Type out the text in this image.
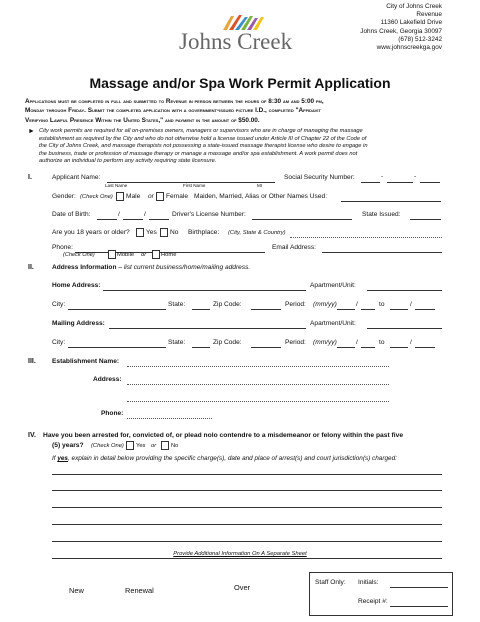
City of Johns Creek
Revenue
11360 Lakefield Drive
Johns Creek, Georgia 30097
(678) 512-3242
www.johnscreekga.gov
Johns Creek
Massage and/or Spa Work Permit Application
Applications must be completed in full and submitted to Revenue in person between the hours of 8:30 am and 5:00 pm,
Monday through Friday. Submit the completed application with a government-issued picture I.D., completed "Affidavit
Verifying Lawful Presence Within the United States," and payment in the amount of $50.00.
► City work permits are required for all on-premises owners, managers or supervisors who are in charge of managing the massage
establishment as required by the City and who do not otherwise hold a license issued under Article III of Chapter 22 of the Code of
the City of Johns Creek, and massage therapists not possessing a state-issued massage therapist license who desire to engage in
the business, trade or profession of massage therapy or manage a massage and/or spa establishment. A work permit does not
authorize an individual to perform any activity requiring state licensure.
I.	Applicant Name:
Last Name	First Name	MI
Social Security Number:	-	-
Gender: (Check One) Male or Female Maiden, Married, Alias or Other Names Used:
Date of Birth:	/	/	Driver's License Number:	State Issued:
Are you 18 years or older? Yes No Birthplace: (City, State & Country)
Phone:	Email Address:
(Check One)	Mobile or	Home
II.	Address Information – list current business/home/mailing address.
Home Address:	Apartment/Unit:
City:	State:	Zip Code:	Period: (mm/yy)	/	to	/
Mailing Address:	Apartment/Unit:
City:	State:	Zip Code:	Period: (mm/yy)	/	to	/
III. Establishment Name:
Address:
Phone:
IV. Have you been arrested for, convicted of, or plead nolo contendre to a misdemeanor or felony within the past five
(5) years? (Check One) Yes or	No
If yes, explain in detail below providing the specific charge(s), date and place of arrest(s) and court jurisdiction(s) charged:
Provide Additional Information On A Separate Sheet
New	Renewal	Over
Staff Only: Initials:
Receipt #:
